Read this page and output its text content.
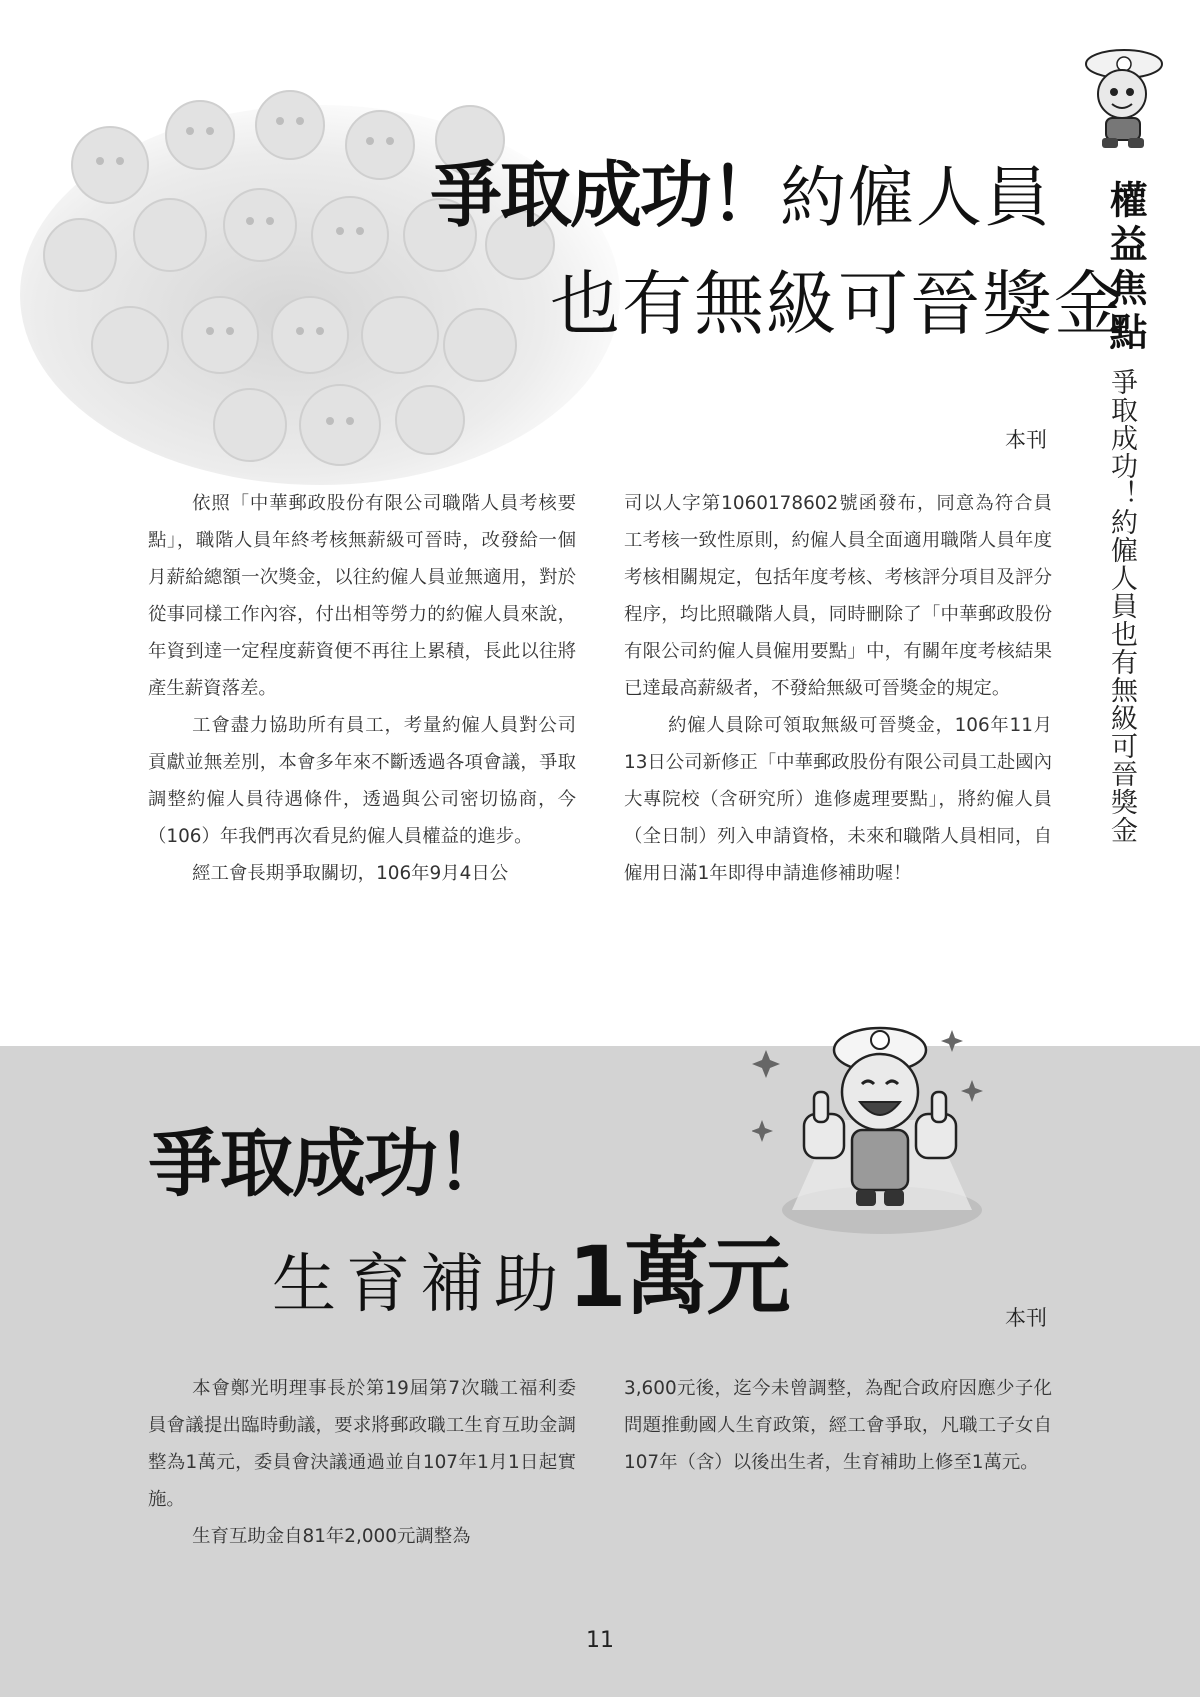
權益焦點
爭取成功！約僱人員也有無級可晉獎金
爭取成功！約僱人員
也有無級可晉獎金
本刊

依照「中華郵政股份有限公司職階人員考核要點」，職階人員年終考核無薪級可晉時，改發給一個月薪給總額一次獎金，以往約僱人員並無適用，對於從事同樣工作內容，付出相等勞力的約僱人員來說，年資到達一定程度薪資便不再往上累積，長此以往將產生薪資落差。

工會盡力協助所有員工，考量約僱人員對公司貢獻並無差別，本會多年來不斷透過各項會議，爭取調整約僱人員待遇條件，透過與公司密切協商，今（106）年我們再次看見約僱人員權益的進步。

經工會長期爭取關切，106年9月4日公

司以人字第1060178602號函發布，同意為符合員工考核一致性原則，約僱人員全面適用職階人員年度考核相關規定，包括年度考核、考核評分項目及評分程序，均比照職階人員，同時刪除了「中華郵政股份有限公司約僱人員僱用要點」中，有關年度考核結果已達最高薪級者，不發給無級可晉獎金的規定。

約僱人員除可領取無級可晉獎金，106年11月13日公司新修正「中華郵政股份有限公司員工赴國內大專院校（含研究所）進修處理要點」，將約僱人員（全日制）列入申請資格，未來和職階人員相同，自僱用日滿1年即得申請進修補助喔！

爭取成功！
生育補助1萬元	本刊

本會鄭光明理事長於第19屆第7次職工福利委員會議提出臨時動議，要求將郵政職工生育互助金調整為1萬元，委員會決議通過並自107年1月1日起實施。

生育互助金自81年2,000元調整為

3,600元後，迄今未曾調整，為配合政府因應少子化問題推動國人生育政策，經工會爭取，凡職工子女自107年（含）以後出生者，生育補助上修至1萬元。

11
